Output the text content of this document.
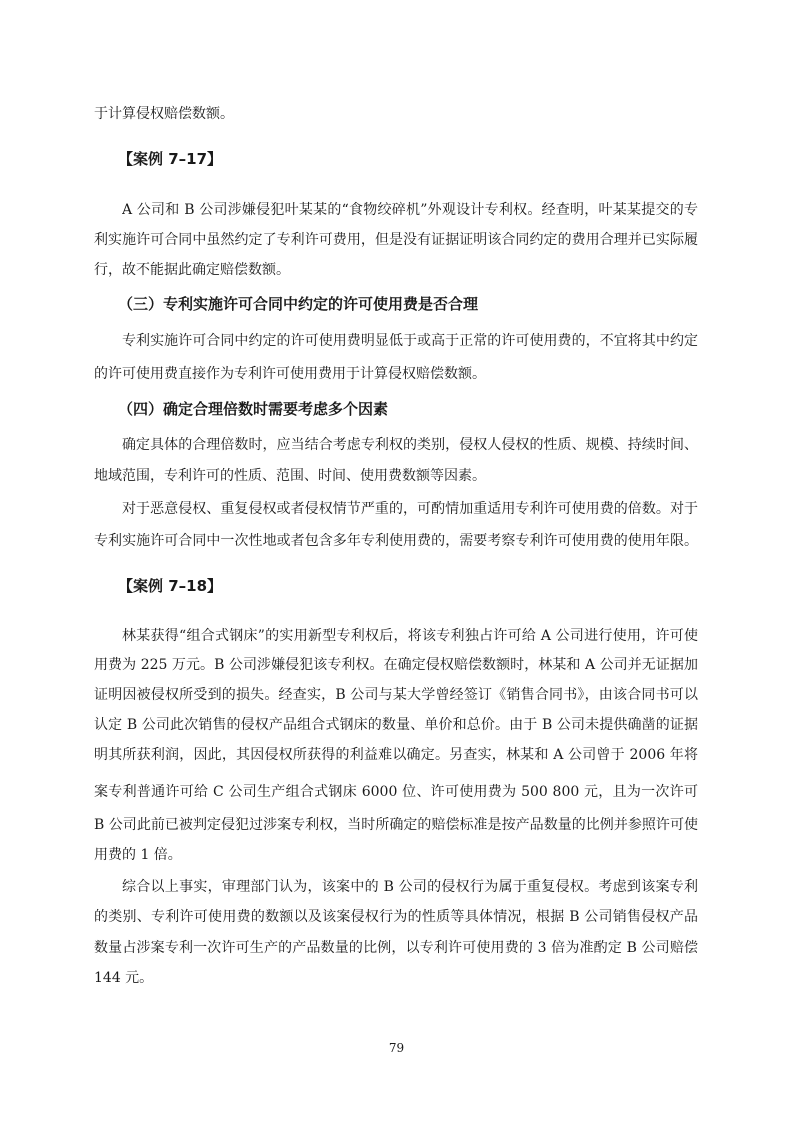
于计算侵权赔偿数额。
【案例 7–17】
A 公司和 B 公司涉嫌侵犯叶某某的“食物绞碎机”外观设计专利权。经查明，叶某某提交的专
利实施许可合同中虽然约定了专利许可费用，但是没有证据证明该合同约定的费用合理并已实际履
行，故不能据此确定赔偿数额。
（三）专利实施许可合同中约定的许可使用费是否合理
专利实施许可合同中约定的许可使用费明显低于或高于正常的许可使用费的，不宜将其中约定
的许可使用费直接作为专利许可使用费用于计算侵权赔偿数额。
（四）确定合理倍数时需要考虑多个因素
确定具体的合理倍数时，应当结合考虑专利权的类别，侵权人侵权的性质、规模、持续时间、
地域范围，专利许可的性质、范围、时间、使用费数额等因素。
对于恶意侵权、重复侵权或者侵权情节严重的，可酌情加重适用专利许可使用费的倍数。对于
专利实施许可合同中一次性地或者包含多年专利使用费的，需要考察专利许可使用费的使用年限。
【案例 7–18】
林某获得“组合式钢床”的实用新型专利权后，将该专利独占许可给 A 公司进行使用，许可使
用费为 225 万元。B 公司涉嫌侵犯该专利权。在确定侵权赔偿数额时，林某和 A 公司并无证据加
证明因被侵权所受到的损失。经查实，B 公司与某大学曾经签订《销售合同书》，由该合同书可以
认定 B 公司此次销售的侵权产品组合式钢床的数量、单价和总价。由于 B 公司未提供确凿的证据
明其所获利润，因此，其因侵权所获得的利益难以确定。另查实，林某和 A 公司曾于 2006 年将
案专利普通许可给 C 公司生产组合式钢床 6000 位、许可使用费为 500 800 元，且为一次许可
B 公司此前已被判定侵犯过涉案专利权，当时所确定的赔偿标准是按产品数量的比例并参照许可使
用费的 1 倍。
综合以上事实，审理部门认为，该案中的 B 公司的侵权行为属于重复侵权。考虑到该案专利
的类别、专利许可使用费的数额以及该案侵权行为的性质等具体情况，根据 B 公司销售侵权产品
数量占涉案专利一次许可生产的产品数量的比例，以专利许可使用费的 3 倍为准酌定 B 公司赔偿
144 元。
79
